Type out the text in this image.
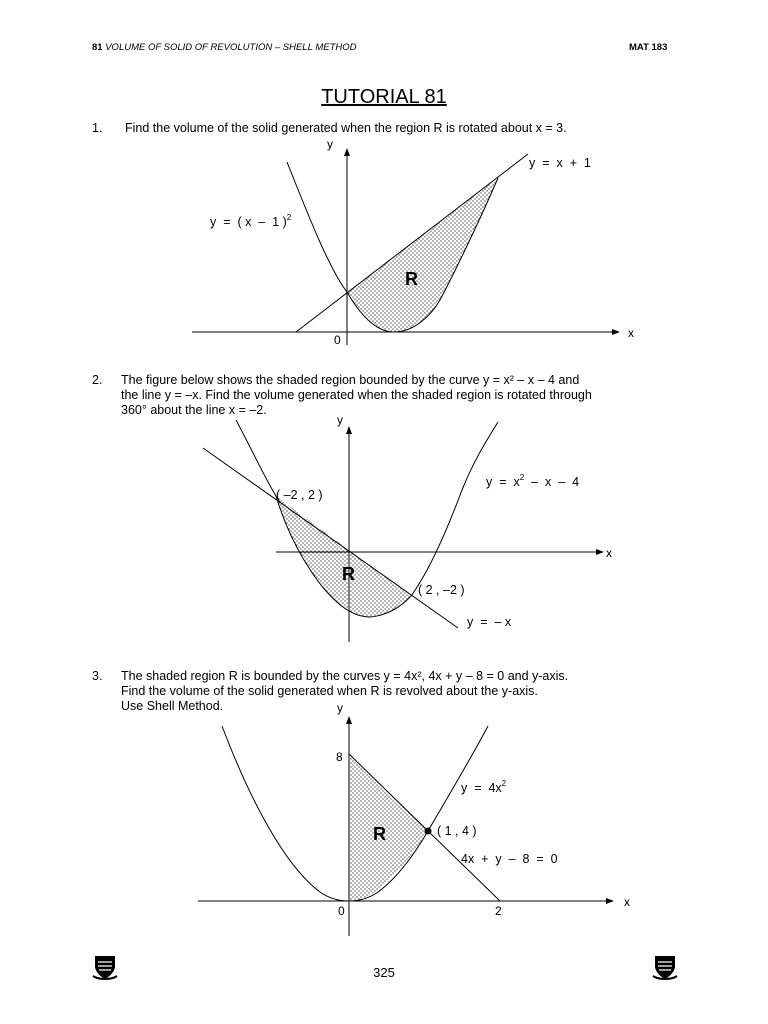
81 VOLUME OF SOLID OF REVOLUTION – SHELL METHOD	MAT 183
TUTORIAL 81
1. Find the volume of the solid generated when the region R is rotated about x = 3.

y
x
0
y  =  x  +  1
y  =  ( x  –  1 )$^2$
R
y
x
$y = x^2 - x - 4$
( –2 , 2 )
( 2 , –2 )
y  =  – x
R
y
x
0
8
2
$y = 4x^2$
( 1 , 4 )
4x  +  y  –  8  =  0
R
2. The figure below shows the shaded region bounded by the curve y = x² – x – 4 and

the line y = –x. Find the volume generated when the shaded region is rotated through

360° about the line x = –2.

3. The shaded region R is bounded by the curves y = 4x², 4x + y – 8 = 0 and y-axis.

Find the volume of the solid generated when R is revolved about the y-axis.

Use Shell Method.

325
